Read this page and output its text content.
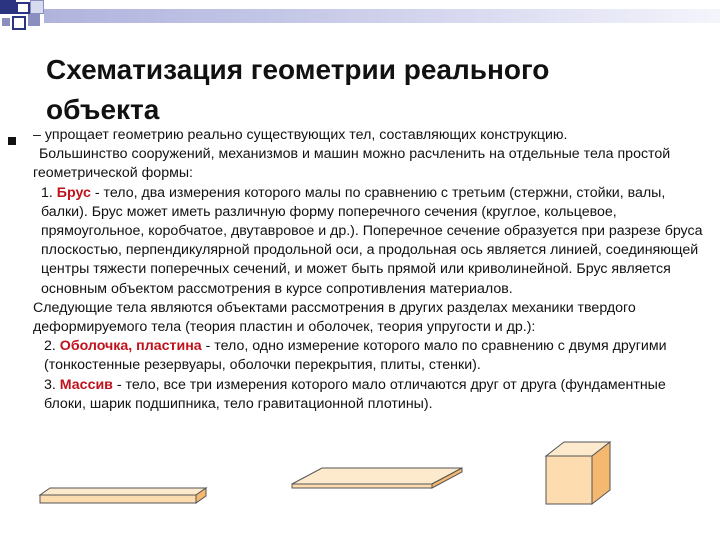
Схематизация геометрии реального объекта

– упрощает геометрию реально существующих тел, составляющих конструкцию.

Большинство сооружений, механизмов и машин можно расчленить на отдельные тела простой геометрической формы:

1. Брус - тело, два измерения которого малы по сравнению с третьим (стержни, стойки, валы, балки). Брус может иметь различную форму поперечного сечения (круглое, кольцевое, прямоугольное, коробчатое, двутавровое и др.). Поперечное сечение образуется при разрезе бруса плоскостью, перпендикулярной продольной оси, а продольная ось является линией, соединяющей центры тяжести поперечных сечений, и может быть прямой или криволинейной. Брус является основным объектом рассмотрения в курсе сопротивления материалов.

Следующие тела являются объектами рассмотрения в других разделах механики твердого деформируемого тела (теория пластин и оболочек, теория упругости и др.):

2. Оболочка, пластина - тело, одно измерение которого мало по сравнению с двумя другими (тонкостенные резервуары, оболочки перекрытия, плиты, стенки).

3. Массив - тело, все три измерения которого мало отличаются друг от друга (фундаментные блоки, шарик подшипника, тело гравитационной плотины).
